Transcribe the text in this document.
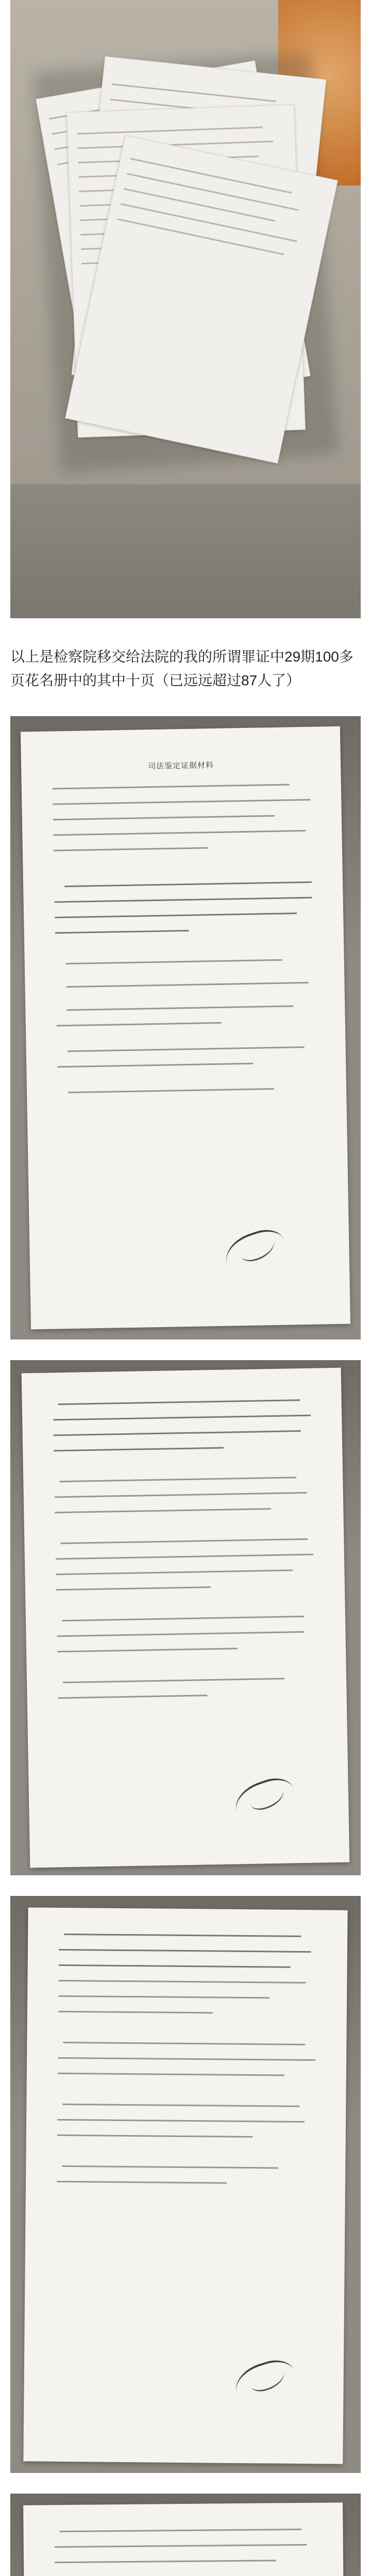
以上是检察院移交给法院的我的所谓罪证中29期100多页花名册中的其中十页（已远远超过87人了）
司法鉴定证据材料
